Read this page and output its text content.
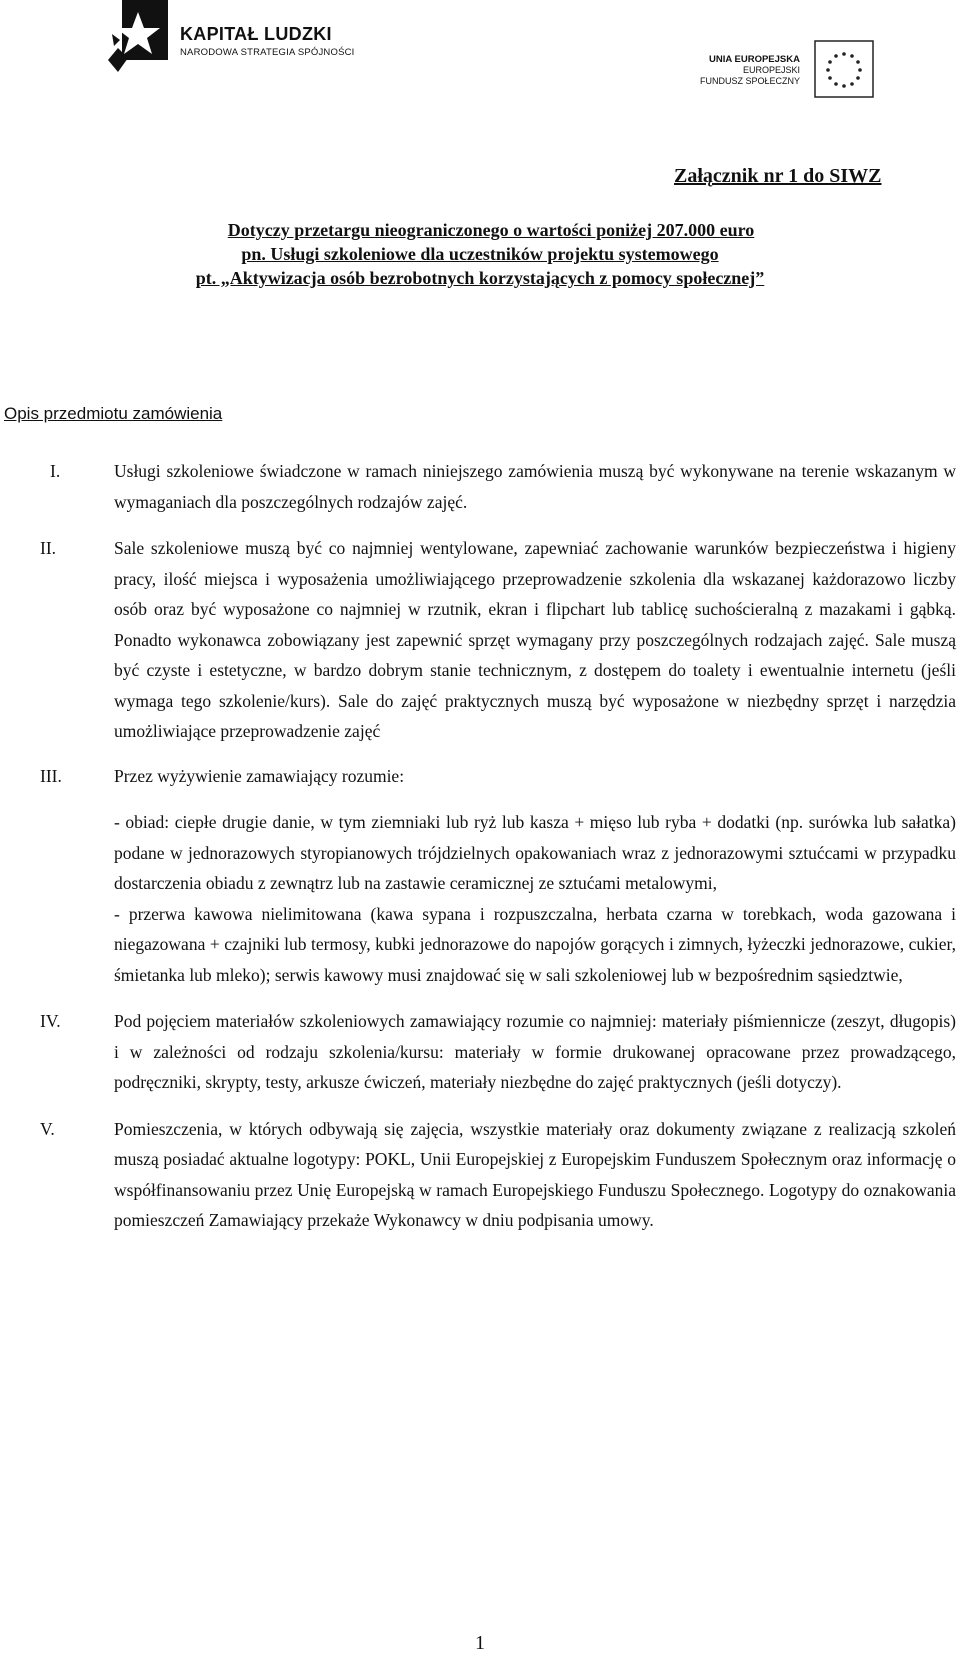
KAPITAŁ LUDZKI
NARODOWA STRATEGIA SPÓJNOŚCI
UNIA EUROPEJSKA
EUROPEJSKI
FUNDUSZ SPOŁECZNY
Załącznik nr 1 do SIWZ
Dotyczy przetargu nieograniczonego o wartości poniżej 207.000 euro
pn. Usługi szkoleniowe dla uczestników projektu systemowego
pt. „Aktywizacja osób bezrobotnych korzystających z pomocy społecznej”
Opis przedmiotu zamówienia
I.	Usługi szkoleniowe świadczone w ramach niniejszego zamówienia muszą być wykonywane na terenie wskazanym w wymaganiach dla poszczególnych rodzajów zajęć.

II.	Sale szkoleniowe muszą być co najmniej wentylowane, zapewniać zachowanie warunków bezpieczeństwa i higieny pracy, ilość miejsca i wyposażenia umożliwiającego przeprowadzenie szkolenia dla wskazanej każdorazowo liczby osób oraz być wyposażone co najmniej w rzutnik, ekran i flipchart lub tablicę suchościeralną z mazakami i gąbką. Ponadto wykonawca zobowiązany jest zapewnić sprzęt wymagany przy poszczególnych rodzajach zajęć. Sale muszą być czyste i estetyczne, w bardzo dobrym stanie technicznym, z dostępem do toalety i ewentualnie internetu (jeśli wymaga tego szkolenie/kurs). Sale do zajęć praktycznych muszą być wyposażone w niezbędny sprzęt i narzędzia umożliwiające przeprowadzenie zajęć

III.	Przez wyżywienie zamawiający rozumie:

- obiad: ciepłe drugie danie, w tym ziemniaki lub ryż lub kasza + mięso lub ryba + dodatki (np. surówka lub sałatka) podane w jednorazowych styropianowych trójdzielnych opakowaniach wraz z jednorazowymi sztućcami w przypadku dostarczenia obiadu z zewnątrz lub na zastawie ceramicznej ze sztućami metalowymi,

- przerwa kawowa nielimitowana (kawa sypana i rozpuszczalna, herbata czarna w torebkach, woda gazowana i niegazowana + czajniki lub termosy, kubki jednorazowe do napojów gorących i zimnych, łyżeczki jednorazowe, cukier, śmietanka lub mleko); serwis kawowy musi znajdować się w sali szkoleniowej lub w bezpośrednim sąsiedztwie,

IV.	Pod pojęciem materiałów szkoleniowych zamawiający rozumie co najmniej: materiały piśmiennicze (zeszyt, długopis) i w zależności od rodzaju szkolenia/kursu: materiały w formie drukowanej opracowane przez prowadzącego, podręczniki, skrypty, testy, arkusze ćwiczeń, materiały niezbędne do zajęć praktycznych (jeśli dotyczy).

V.	Pomieszczenia, w których odbywają się zajęcia, wszystkie materiały oraz dokumenty związane z realizacją szkoleń muszą posiadać aktualne logotypy: POKL, Unii Europejskiej z Europejskim Funduszem Społecznym oraz informację o współfinansowaniu przez Unię Europejską w ramach Europejskiego Funduszu Społecznego. Logotypy do oznakowania pomieszczeń Zamawiający przekaże Wykonawcy w dniu podpisania umowy.

1
